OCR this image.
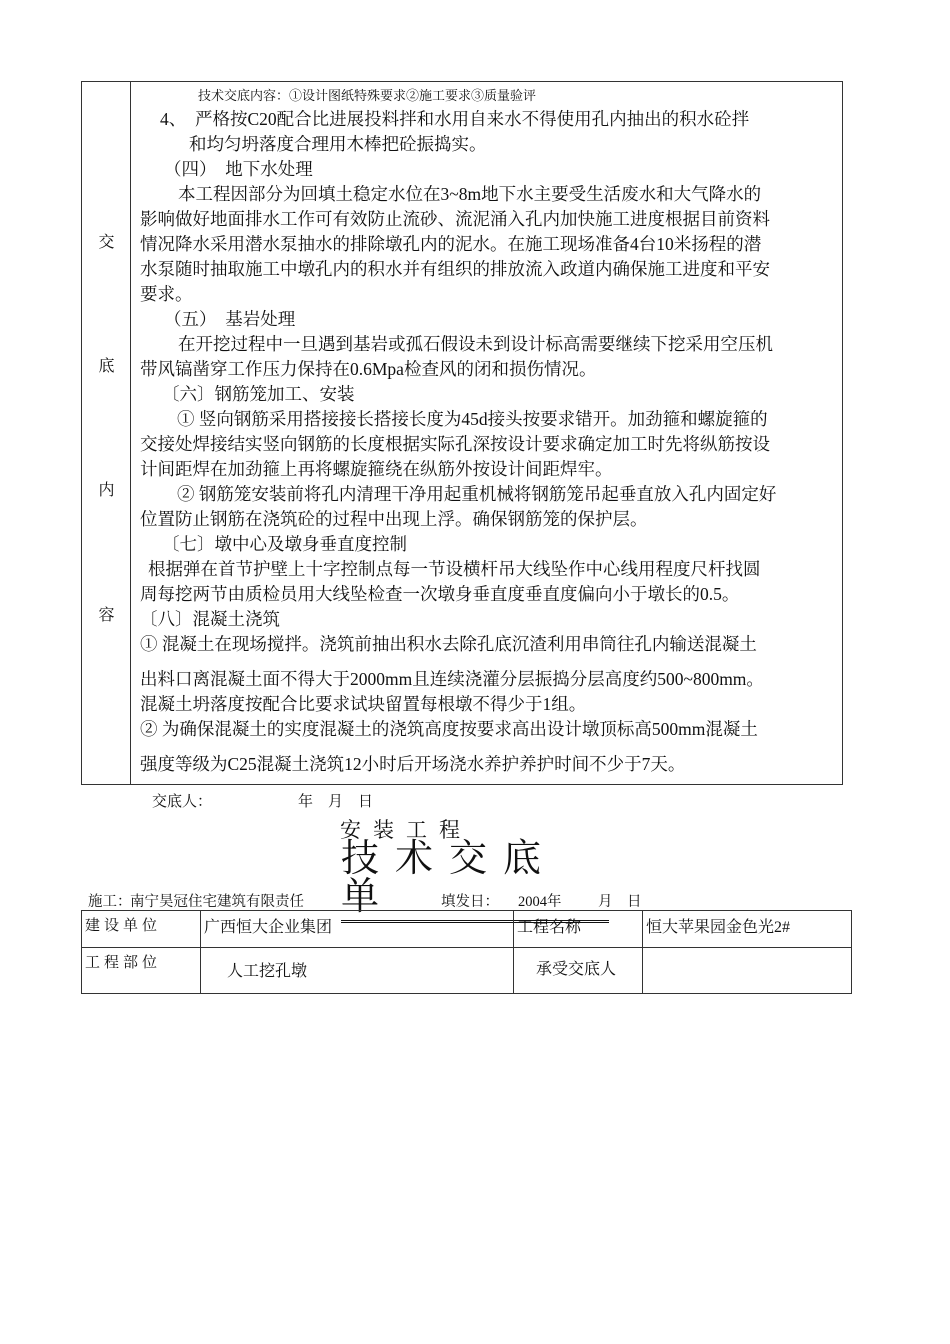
交
底
内
容
技术交底内容：①设计图纸特殊要求②施工要求③质量验评
4、　严格按C20配合比进展投料拌和水用自来水不得使用孔内抽出的积水砼拌
和均匀坍落度合理用木棒把砼振捣实。
（四）　地下水处理
本工程因部分为回填土稳定水位在3~8m地下水主要受生活废水和大气降水的
影响做好地面排水工作可有效防止流砂、流泥涌入孔内加快施工进度根据目前资料
情况降水采用潜水泵抽水的排除墩孔内的泥水。在施工现场准备4台10米扬程的潜
水泵随时抽取施工中墩孔内的积水并有组织的排放流入政道内确保施工进度和平安
要求。
（五）　基岩处理
在开挖过程中一旦遇到基岩或孤石假设未到设计标高需要继续下挖采用空压机
带风镐凿穿工作压力保持在0.6Mpa检查风的闭和损伤情况。
〔六〕钢筋笼加工、安装
① 竖向钢筋采用搭接接长搭接长度为45d接头按要求错开。加劲箍和螺旋箍的
交接处焊接结实竖向钢筋的长度根据实际孔深按设计要求确定加工时先将纵筋按设
计间距焊在加劲箍上再将螺旋箍绕在纵筋外按设计间距焊牢。
② 钢筋笼安装前将孔内清理干净用起重机械将钢筋笼吊起垂直放入孔内固定好
位置防止钢筋在浇筑砼的过程中出现上浮。确保钢筋笼的保护层。
〔七〕墩中心及墩身垂直度控制
根据弹在首节护壁上十字控制点每一节设横杆吊大线坠作中心线用程度尺杆找圆
周每挖两节由质检员用大线坠检查一次墩身垂直度垂直度偏向小于墩长的0.5。
〔八〕混凝土浇筑
① 混凝土在现场搅拌。浇筑前抽出积水去除孔底沉渣利用串筒往孔内输送混凝土
出料口离混凝土面不得大于2000mm且连续浇灌分层振捣分层高度约500~800mm。
混凝土坍落度按配合比要求试块留置每根墩不得少于1组。
② 为确保混凝土的实度混凝土的浇筑高度按要求高出设计墩顶标高500mm混凝土
强度等级为C25混凝土浇筑12小时后开场浇水养护养护时间不少于7天。
交底人：	年　月　日
安装工程
技术交底单
施工：
南宁昊冠住宅建筑有限责任	填发日： 2004年	月　日
建设单位	广西恒大企业集团	工程名称	恒大苹果园金色光2#
工程部位	人工挖孔墩	承受交底人	
